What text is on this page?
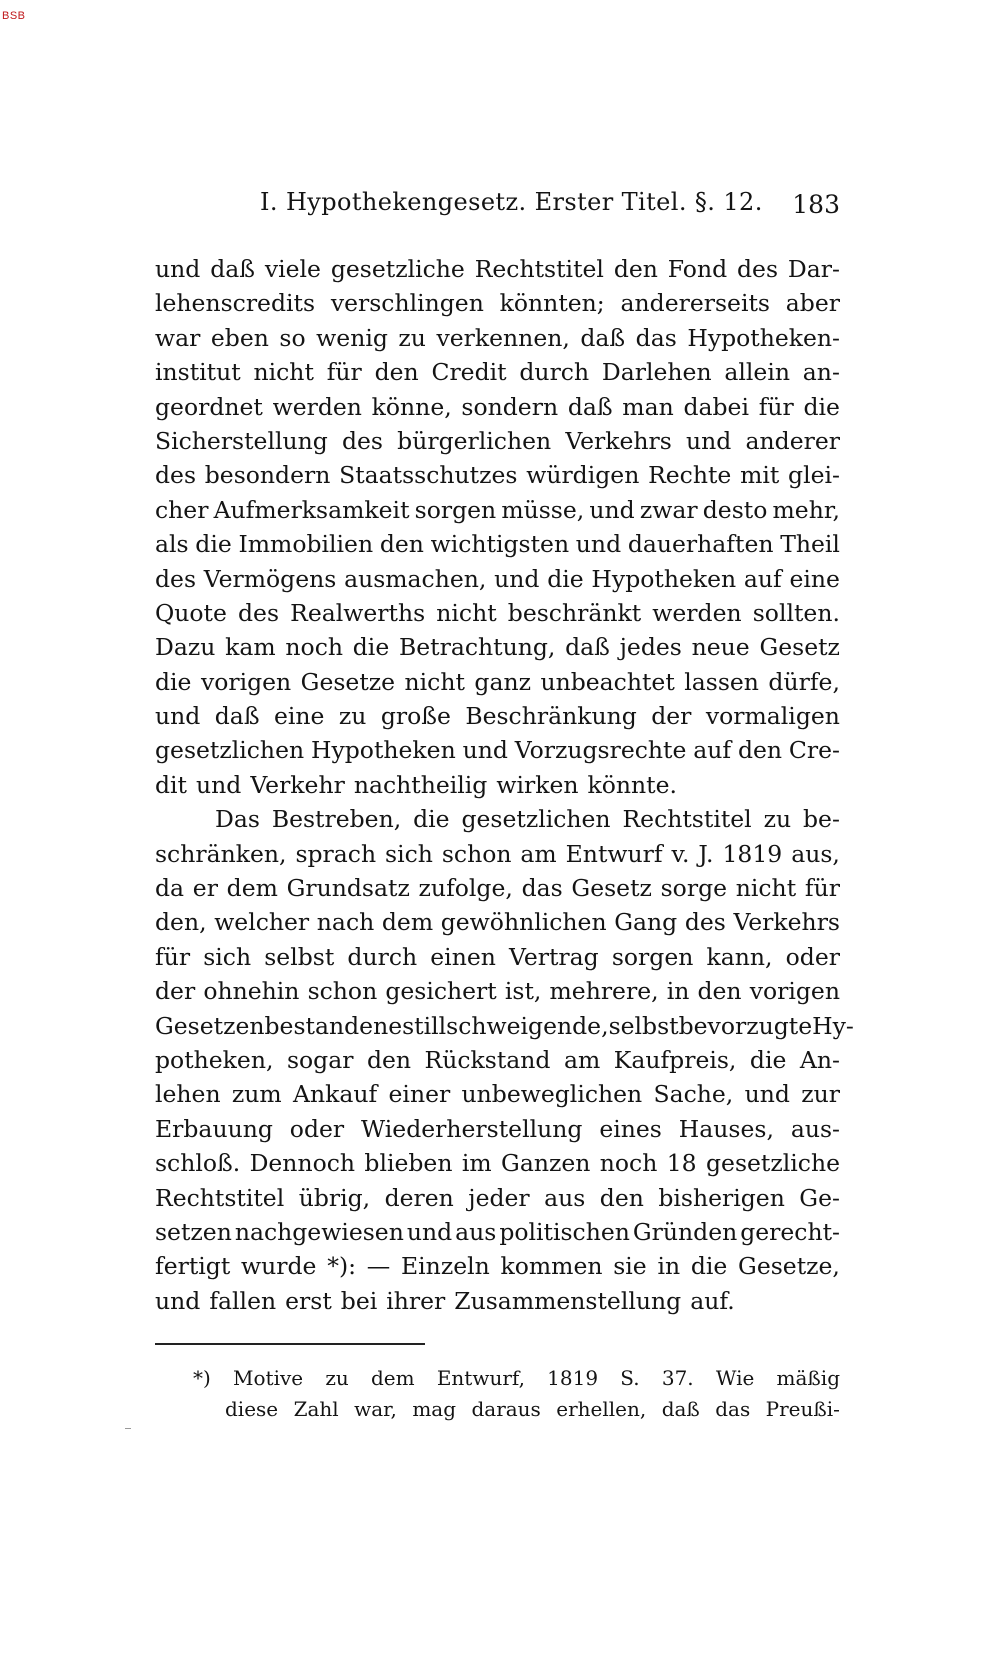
BSB
I. Hypothekengesetz. Erster Titel. §. 12. 183
und daß viele gesetzliche Rechtstitel den Fond des Dar-
lehenscredits verschlingen könnten; andererseits aber
war eben so wenig zu verkennen, daß das Hypotheken-
institut nicht für den Credit durch Darlehen allein an-
geordnet werden könne, sondern daß man dabei für die
Sicherstellung des bürgerlichen Verkehrs und anderer
des besondern Staatsschutzes würdigen Rechte mit glei-
cher Aufmerksamkeit sorgen müsse, und zwar desto mehr,
als die Immobilien den wichtigsten und dauerhaften Theil
des Vermögens ausmachen, und die Hypotheken auf eine
Quote des Realwerths nicht beschränkt werden sollten.
Dazu kam noch die Betrachtung, daß jedes neue Gesetz
die vorigen Gesetze nicht ganz unbeachtet lassen dürfe,
und daß eine zu große Beschränkung der vormaligen
gesetzlichen Hypotheken und Vorzugsrechte auf den Cre-
dit und Verkehr nachtheilig wirken könnte.
Das Bestreben, die gesetzlichen Rechtstitel zu be-
schränken, sprach sich schon am Entwurf v. J. 1819 aus,
da er dem Grundsatz zufolge, das Gesetz sorge nicht für
den, welcher nach dem gewöhnlichen Gang des Verkehrs
für sich selbst durch einen Vertrag sorgen kann, oder
der ohnehin schon gesichert ist, mehrere, in den vorigen
Gesetzen bestandene stillschweigende, selbst bevorzugte Hy-
potheken, sogar den Rückstand am Kaufpreis, die An-
lehen zum Ankauf einer unbeweglichen Sache, und zur
Erbauung oder Wiederherstellung eines Hauses, aus-
schloß. Dennoch blieben im Ganzen noch 18 gesetzliche
Rechtstitel übrig, deren jeder aus den bisherigen Ge-
setzen nachgewiesen und aus politischen Gründen gerecht-
fertigt wurde *): — Einzeln kommen sie in die Gesetze,
und fallen erst bei ihrer Zusammenstellung auf.
*) Motive zu dem Entwurf, 1819 S. 37. Wie mäßig
diese Zahl war, mag daraus erhellen, daß das Preußi-
